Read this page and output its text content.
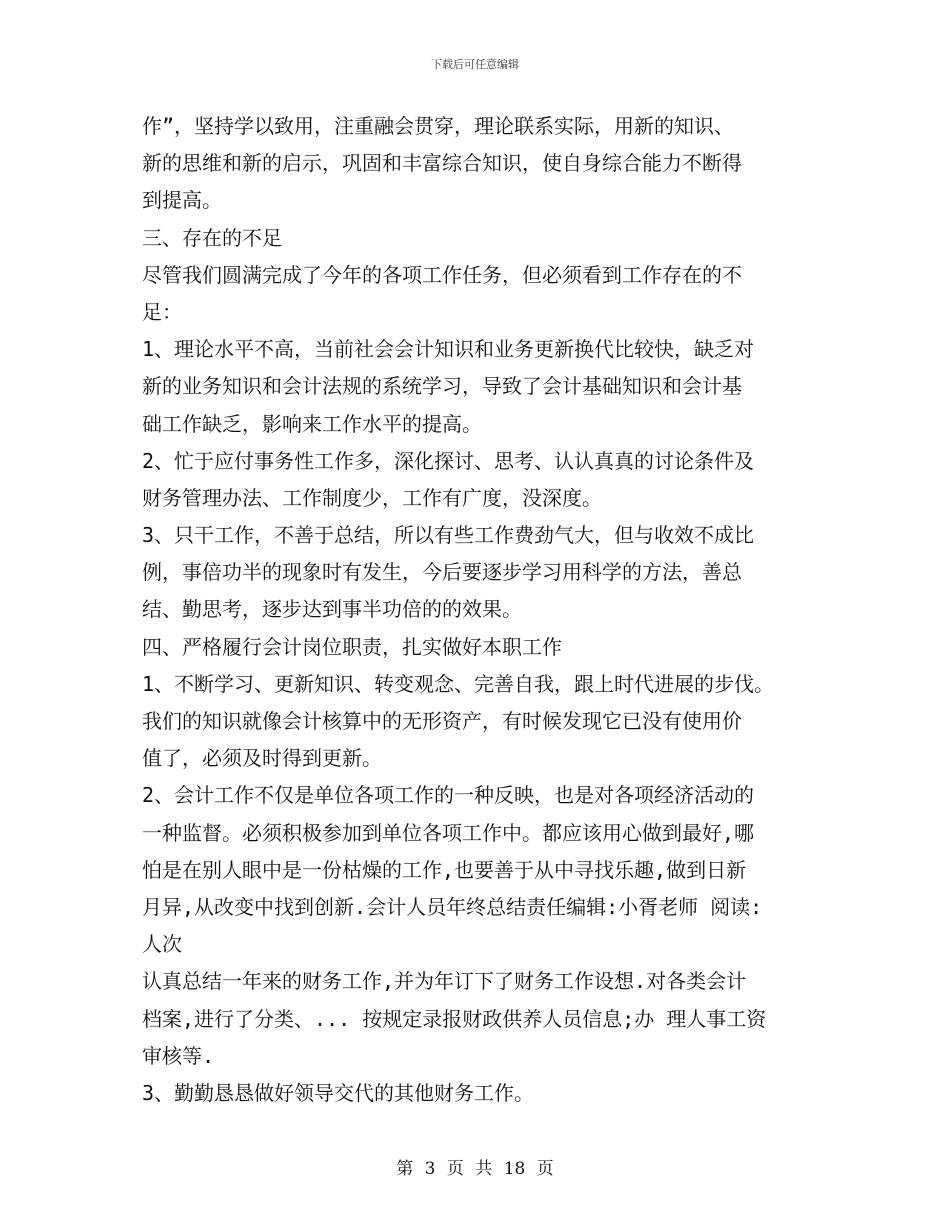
下载后可任意编辑
作”，坚持学以致用，注重融会贯穿，理论联系实际，用新的知识、
新的思维和新的启示，巩固和丰富综合知识，使自身综合能力不断得
到提高。
三、存在的不足
尽管我们圆满完成了今年的各项工作任务，但必须看到工作存在的不
足：
1、理论水平不高，当前社会会计知识和业务更新换代比较快，缺乏对
新的业务知识和会计法规的系统学习，导致了会计基础知识和会计基
础工作缺乏，影响来工作水平的提高。
2、忙于应付事务性工作多，深化探讨、思考、认认真真的讨论条件及
财务管理办法、工作制度少，工作有广度，没深度。
3、只干工作，不善于总结，所以有些工作费劲气大，但与收效不成比
例，事倍功半的现象时有发生，今后要逐步学习用科学的方法，善总
结、勤思考，逐步达到事半功倍的的效果。
四、严格履行会计岗位职责，扎实做好本职工作
1、不断学习、更新知识、转变观念、完善自我，跟上时代进展的步伐。
我们的知识就像会计核算中的无形资产，有时候发现它已没有使用价
值了，必须及时得到更新。
2、会计工作不仅是单位各项工作的一种反映，也是对各项经济活动的
一种监督。必须积极参加到单位各项工作中。都应该用心做到最好,哪
怕是在别人眼中是一份枯燥的工作,也要善于从中寻找乐趣,做到日新
月异,从改变中找到创新.会计人员年终总结责任编辑:小胥老师 阅读:
人次
认真总结一年来的财务工作,并为年订下了财务工作设想.对各类会计
档案,进行了分类、... 按规定录报财政供养人员信息;办 理人事工资
审核等.
3、勤勤恳恳做好领导交代的其他财务工作。
第 3 页 共 18 页
